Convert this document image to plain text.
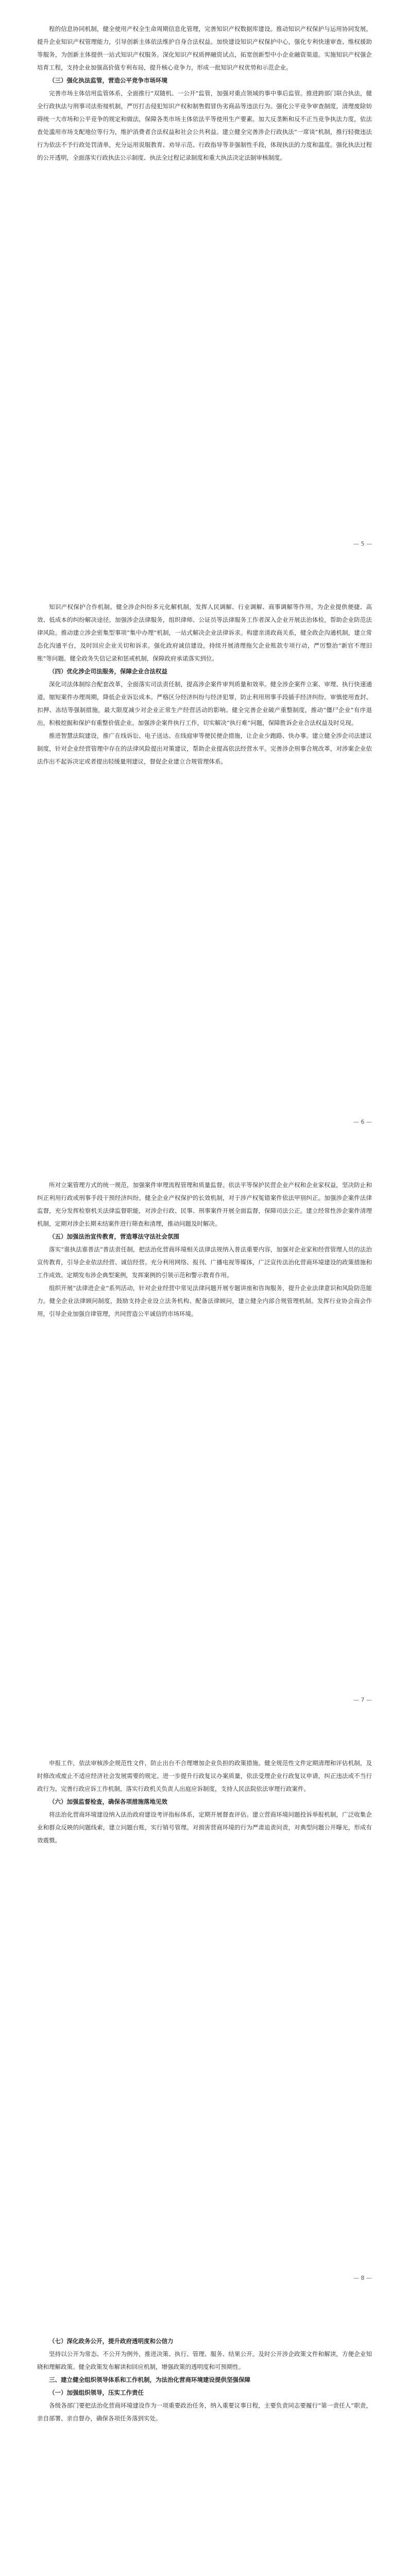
程的信息协同机制，健全使用产权全生命周期信息化管理，完善知识产权数据库建设。推动知识产权保护与运用协同发展，提升企业知识产权管理能力，引导创新主体依法维护自身合法权益。加快建设知识产权保护中心，强化专利快速审查、维权援助等服务，为创新主体提供一站式知识产权服务。深化知识产权质押融资试点，拓宽创新型中小企业融资渠道。实施知识产权强企培育工程，支持企业加强高价值专利布局，提升核心竞争力，形成一批知识产权优势和示范企业。

（三）强化执法监管，营造公平竞争市场环境

完善市场主体信用监管体系，全面推行“双随机、一公开”监管，加强对重点领域的事中事后监管。推进跨部门联合执法，健全行政执法与刑事司法衔接机制，严厉打击侵犯知识产权和制售假冒伪劣商品等违法行为。强化公平竞争审查制度，清理废除妨碍统一大市场和公平竞争的规定和做法，保障各类市场主体依法平等使用生产要素。加大反垄断和反不正当竞争执法力度，依法查处滥用市场支配地位等行为，维护消费者合法权益和社会公共利益。建立健全完善涉企行政执法“一席谈”机制，推行轻微违法行为依法不予行政处罚清单，充分运用说服教育、劝导示范、行政指导等非强制性手段，体现执法的力度和温度。强化执法过程的公开透明，全面落实行政执法公示制度、执法全过程记录制度和重大执法决定法制审核制度。

— 5 —

知识产权保护合作机制。健全涉企纠纷多元化解机制，发挥人民调解、行业调解、商事调解等作用，为企业提供便捷、高效、低成本的纠纷解决途径。加强涉企法律服务，组织律师、公证员等法律服务工作者深入企业开展法治体检，帮助企业防范法律风险。推动建立涉企密集型事项“集中办理”机制，一站式解决企业法律诉求。构建亲清政商关系，健全政企沟通机制，建立常态化沟通平台，及时回应企业关切和诉求。强化政府诚信建设，持续开展清理拖欠企业账款专项行动，严厉整治“新官不理旧账”等问题。健全政务失信记录和惩戒机制，保障政府承诺落实到位。

（四）优化涉企司法服务，保障企业合法权益

深化司法体制综合配套改革，全面落实司法责任制，提高涉企案件审判质量和效率。健全涉企案件立案、审理、执行快速通道，缩短案件办理周期，降低企业诉讼成本。严格区分经济纠纷与经济犯罪，防止利用刑事手段插手经济纠纷。审慎使用查封、扣押、冻结等强制措施，最大限度减少对企业正常生产经营活动的影响。健全完善企业破产重整制度，推动“僵尸企业”有序退出，积极挖掘和保护有重整价值企业。加强涉企案件执行工作，切实解决“执行难”问题，保障胜诉企业合法权益及时兑现。

推进智慧法院建设，推广在线诉讼、电子送达、在线庭审等便民便企措施，让企业少跑路、快办事。建立健全涉企司法建议制度，针对企业经营管理中存在的法律风险提出对策建议，帮助企业提高依法经营水平。完善涉企刑事合规改革，对涉案企业依法作出不起诉决定或者提出轻缓量刑建议，督促企业建立合规管理体系。

— 6 —

所对立案管理方式的统一规范，加强案件审理流程管理和质量监督。依法平等保护民营企业产权和企业家权益，坚决防止和纠正利用行政或刑事手段干预经济纠纷。健全企业产权保护的长效机制，对于涉产权冤错案件依法甲别纠正。加强涉企案件法律监督，充分发挥检察机关法律监督职能，对涉企行政、民事、刑事案件开展全面监督，保障司法公正。建立经常性涉企案件清理机制，定期对涉企长期未结案件进行筛查和清理，推动问题及时解决。

（五）加强法治宣传教育，营造尊法守法社会氛围

落实“谁执法谁普法”普法责任制，把法治化营商环境相关法律法规纳入普法重要内容，加强对企业家和经营管理人员的法治宣传教育，引导企业依法经营、诚信经营。充分利用网络、报刊、广播电视等媒体，广泛宣传法治化营商环境建设的政策措施和工作成效。定期发布涉企典型案例，发挥案例的引领示范和警示教育作用。

组织开展“法律进企业”系列活动，针对企业经营中常见法律问题开展专题讲座和咨询服务，提升企业法律意识和风险防范能力。健全企业法律顾问制度，鼓励支持企业设立法务机构、配备法律顾问，建立健全内部合规管理机制。发挥行业协会商会作用，引导企业加强自律管理，共同营造公平诚信的市场环境。

— 7 —

申报工作，依法审核涉企规范性文件，防止出台不合理增加企业负担的政策措施。健全规范性文件定期清理和评估机制，及时修改或废止不适应经济社会发展需要的规定。进一步提升行政复议办案质量，依法受理企业行政复议申请，纠正违法或不当行政行为。完善行政应诉工作机制，落实行政机关负责人出庭应诉制度，支持人民法院依法审理行政案件。

（六）加强监督检查，确保各项措施落地见效

将法治化营商环境建设纳入法治政府建设考评指标体系，定期开展督查评估。建立营商环境问题投诉举报机制，广泛收集企业和群众反映的问题线索，建立问题台账，实行销号管理。对损害营商环境的行为严肃追责问责，对典型问题公开曝光，形成有效震慑。

— 8 —
（七）深化政务公开，提升政府透明度和公信力

坚持以公开为常态、不公开为例外，推进决策、执行、管理、服务、结果公开。及时公开涉企政策文件和解读，方便企业知晓和理解政策。健全政策发布解读和回应机制，增强政策的透明度和可预期性。

三、建立健全组织领导体系和工作机制，为法治化营商环境建设提供坚强保障
（一）加强组织领导，压实工作责任

各级各部门要把法治化营商环境建设作为一项重要政治任务，纳入重要议事日程，主要负责同志要履行“第一责任人”职责，亲自部署、亲自督办，确保各项任务落到实处。
